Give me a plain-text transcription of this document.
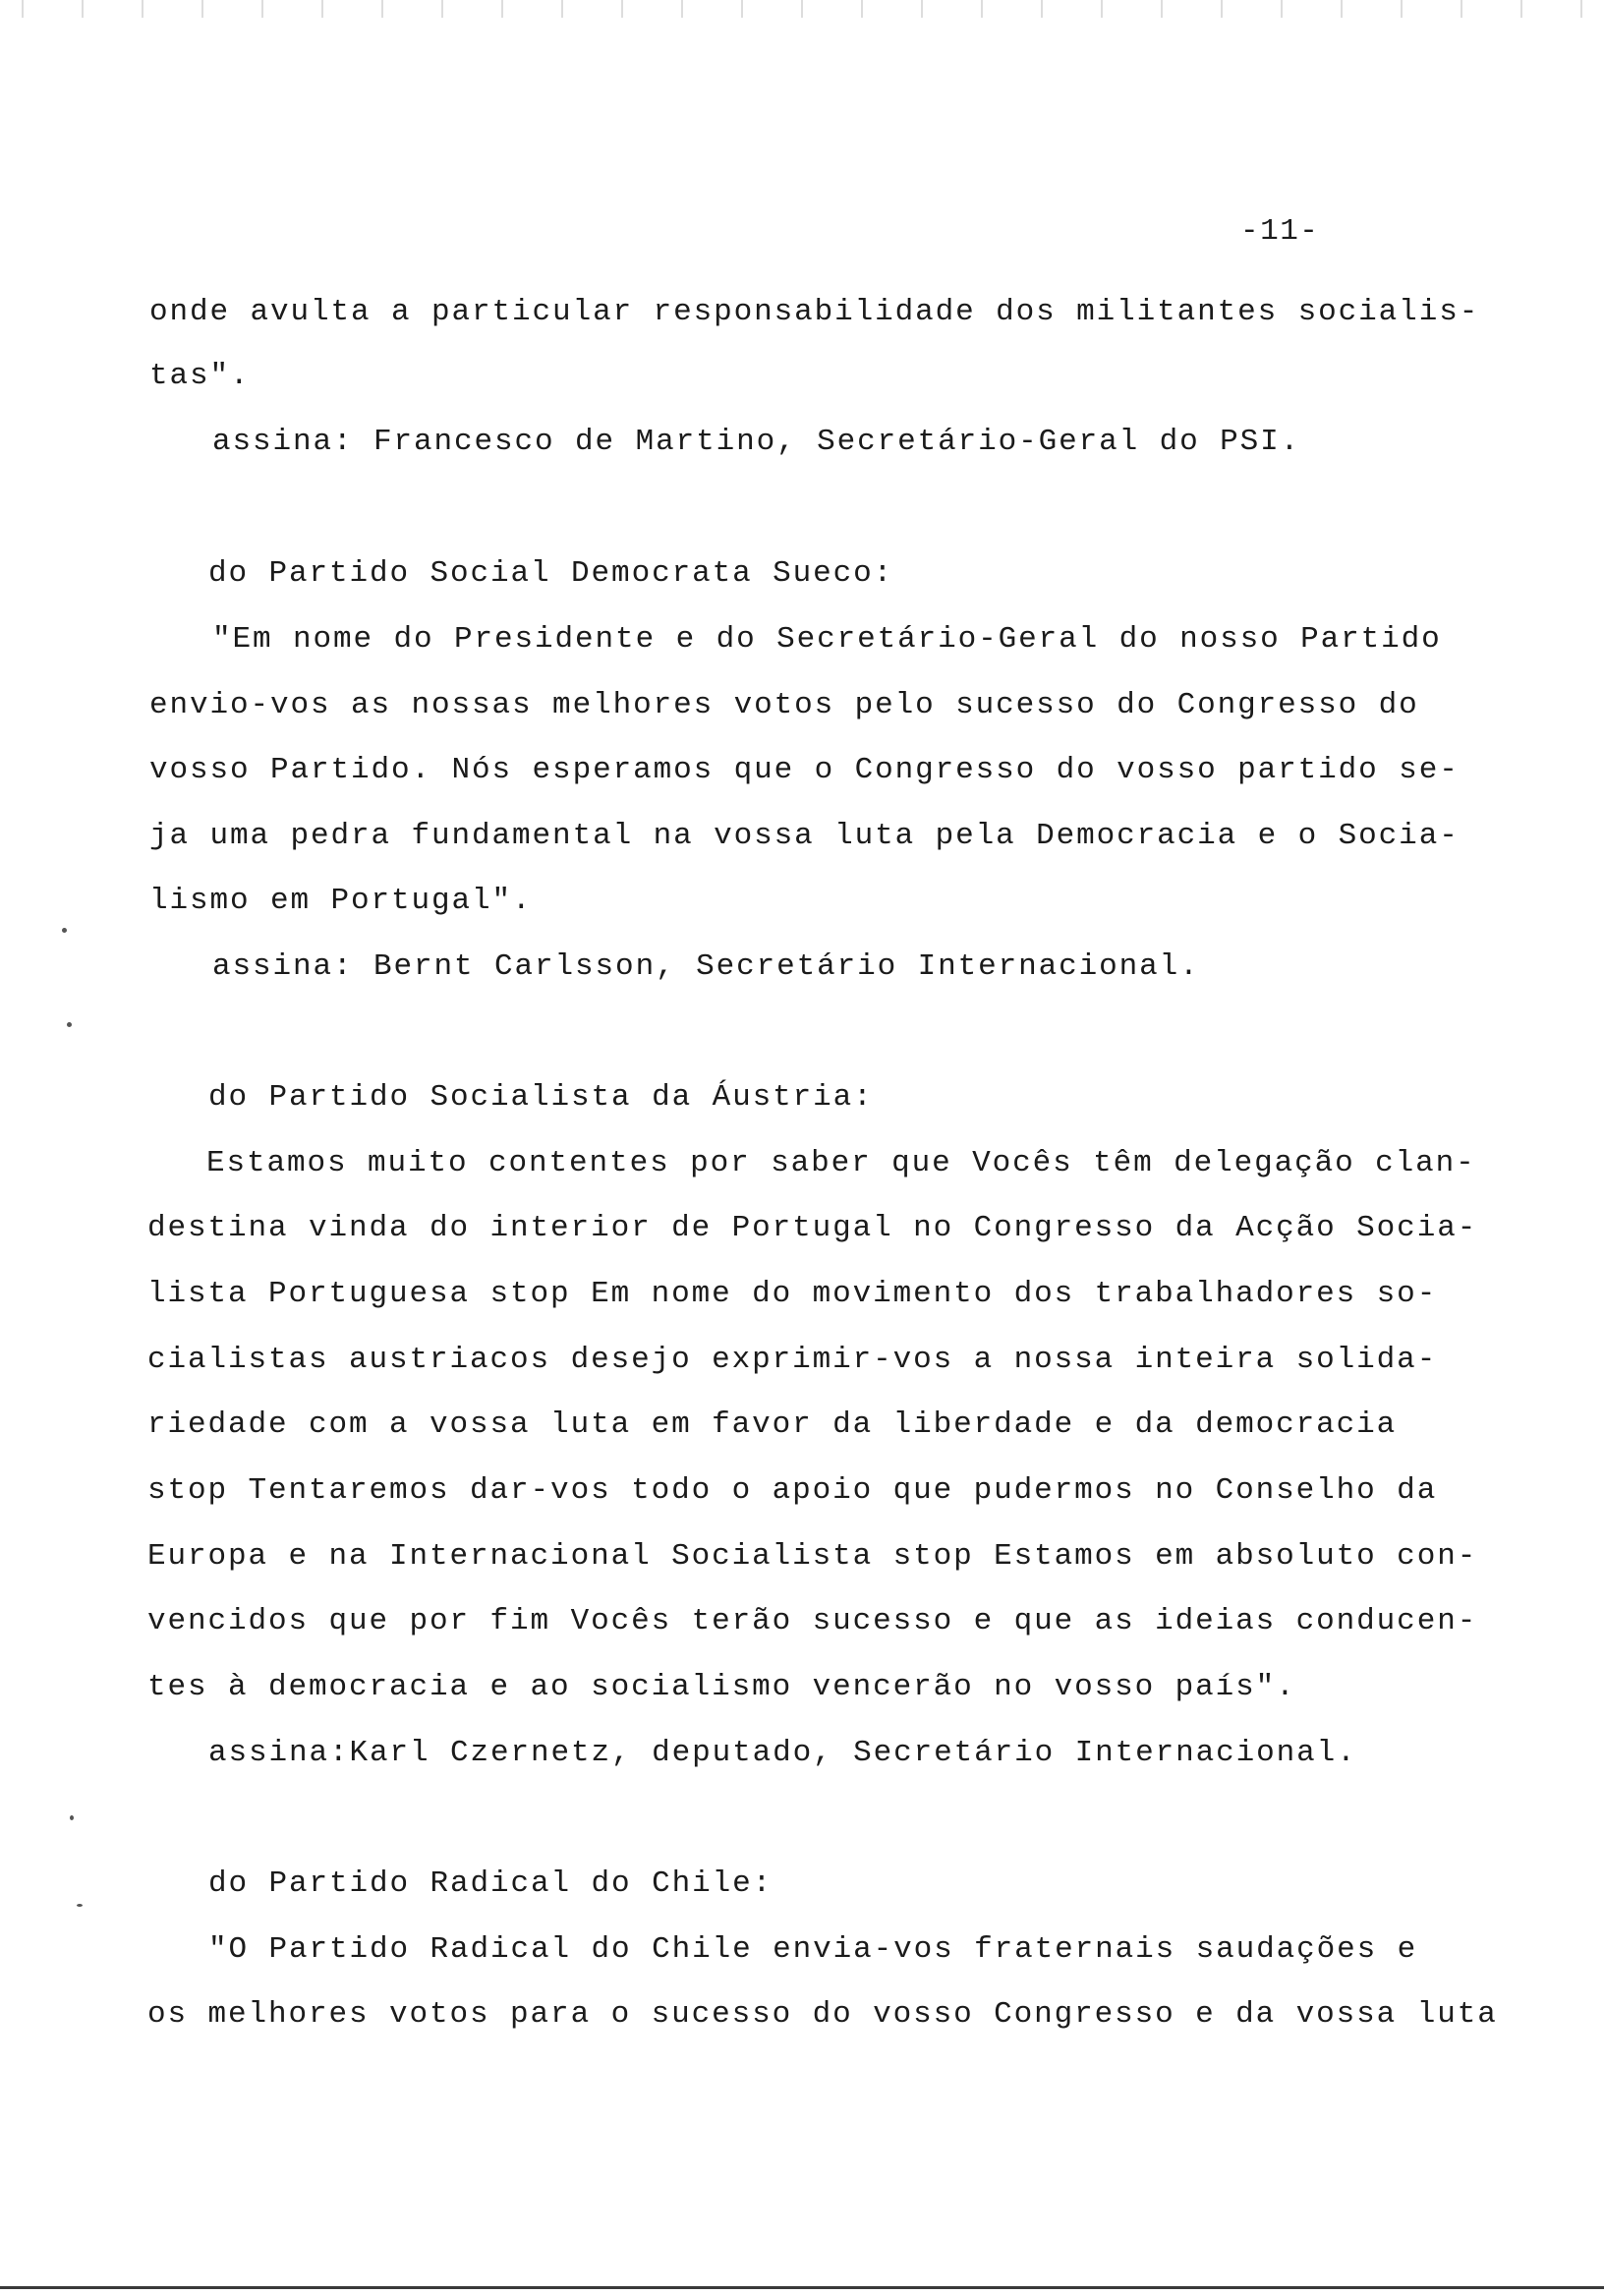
-11-

onde avulta a particular responsabilidade dos militantes socialis-

tas".

assina: Francesco de Martino, Secretário-Geral do PSI.

do Partido Social Democrata Sueco:

"Em nome do Presidente e do Secretário-Geral do nosso Partido

envio-vos as nossas melhores votos pelo sucesso do Congresso do

vosso Partido. Nós esperamos que o Congresso do vosso partido se-

ja uma pedra fundamental na vossa luta pela Democracia e o Socia-

lismo em Portugal".

assina: Bernt Carlsson, Secretário Internacional.

do Partido Socialista da Áustria:

Estamos muito contentes por saber que Vocês têm delegação clan-

destina vinda do interior de Portugal no Congresso da Acção Socia-

lista Portuguesa stop Em nome do movimento dos trabalhadores so-

cialistas austriacos desejo exprimir-vos a nossa inteira solida-

riedade com a vossa luta em favor da liberdade e da democracia

stop Tentaremos dar-vos todo o apoio que pudermos no Conselho da

Europa e na Internacional Socialista stop Estamos em absoluto con-

vencidos que por fim Vocês terão sucesso e que as ideias conducen-

tes à democracia e ao socialismo vencerão no vosso país".

assina:Karl Czernetz, deputado, Secretário Internacional.

do Partido Radical do Chile:

"O Partido Radical do Chile envia-vos fraternais saudações e

os melhores votos para o sucesso do vosso Congresso e da vossa luta
